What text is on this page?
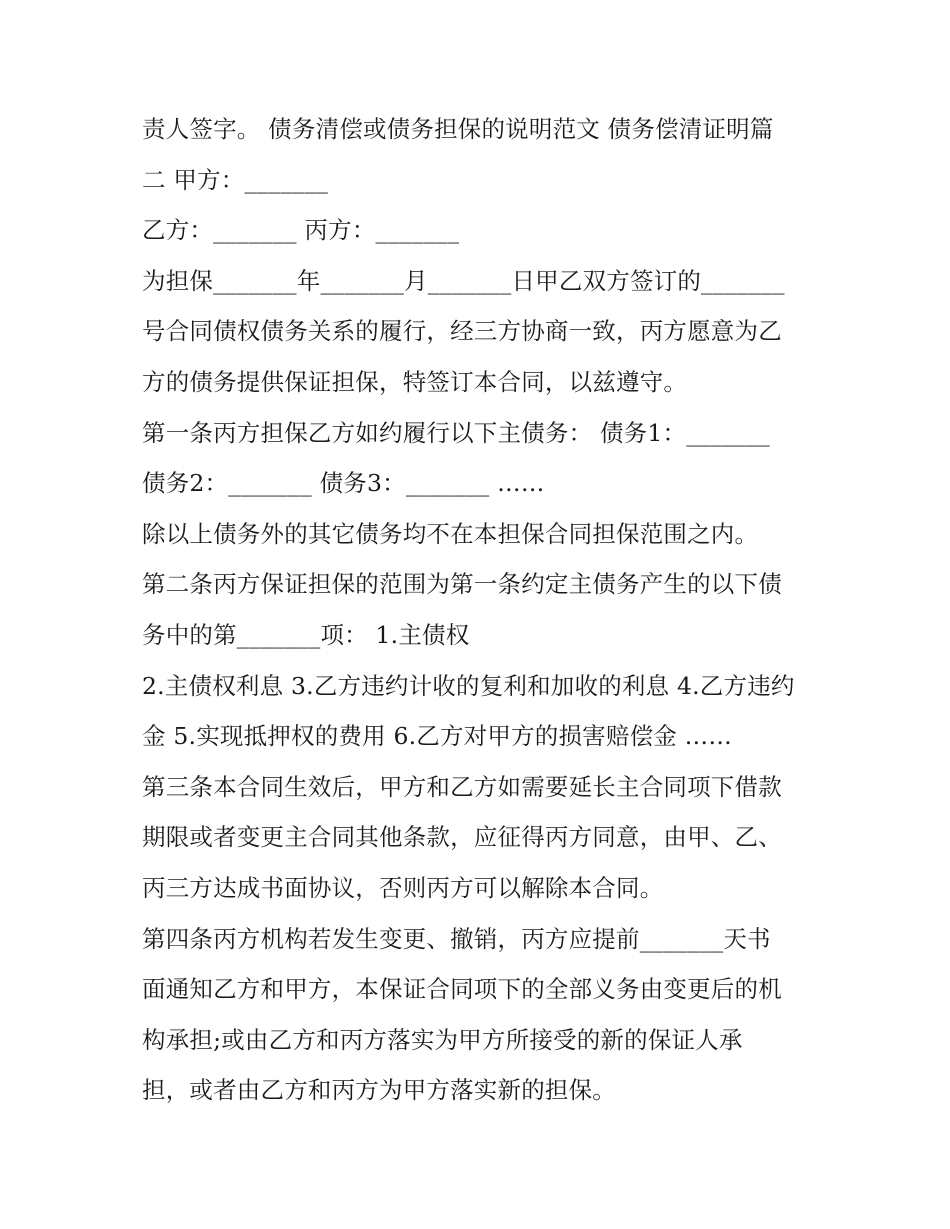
责人签字。 债务清偿或债务担保的说明范文 债务偿清证明篇
二 甲方：_______
乙方：_______ 丙方：_______
为担保_______年_______月_______日甲乙双方签订的_______
号合同债权债务关系的履行，经三方协商一致，丙方愿意为乙
方的债务提供保证担保，特签订本合同，以兹遵守。
第一条丙方担保乙方如约履行以下主债务： 债务1：_______
债务2：_______ 债务3：_______ ……
除以上债务外的其它债务均不在本担保合同担保范围之内。
第二条丙方保证担保的范围为第一条约定主债务产生的以下债
务中的第_______项： 1.主债权
2.主债权利息 3.乙方违约计收的复利和加收的利息 4.乙方违约
金 5.实现抵押权的费用 6.乙方对甲方的损害赔偿金 ……
第三条本合同生效后，甲方和乙方如需要延长主合同项下借款
期限或者变更主合同其他条款，应征得丙方同意，由甲、乙、
丙三方达成书面协议，否则丙方可以解除本合同。
第四条丙方机构若发生变更、撤销，丙方应提前_______天书
面通知乙方和甲方，本保证合同项下的全部义务由变更后的机
构承担;或由乙方和丙方落实为甲方所接受的新的保证人承
担，或者由乙方和丙方为甲方落实新的担保。
